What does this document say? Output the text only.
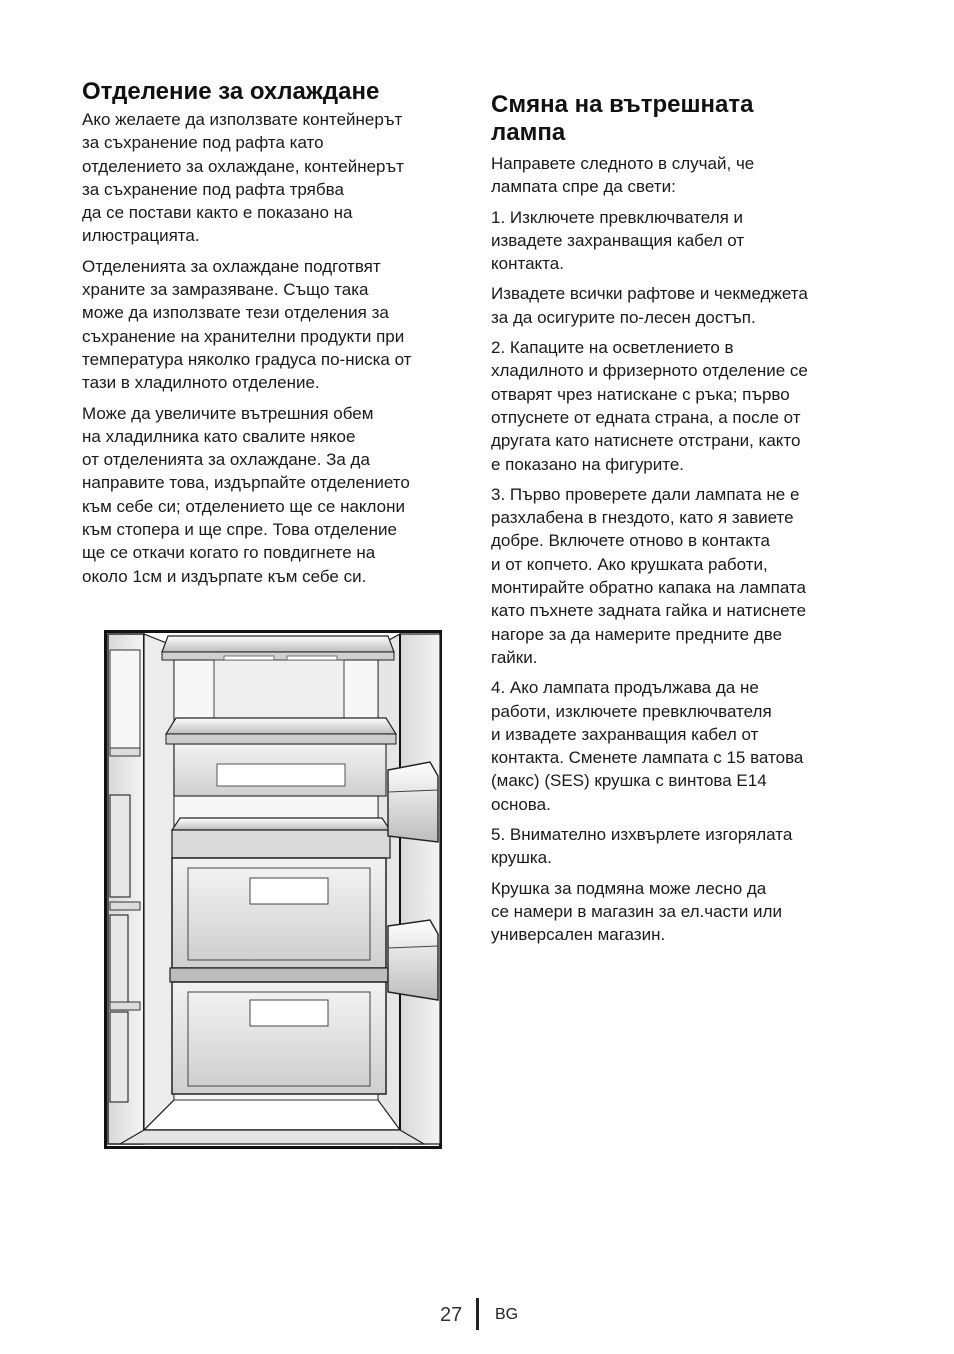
Отделение за охлаждане

Ако желаете да използвате контейнерът
за съхранение под рафта като
отделението за охлаждане, контейнерът
за съхранение под рафта трябва
да се постави както е показано на
илюстрацията.

Отделенията за охлаждане подготвят
храните за замразяване. Също така
може да използвате тези отделения за
съхранение на хранителни продукти при
температура няколко градуса по-ниска от
тази в хладилното отделение.

Може да увеличите вътрешния обем
на хладилника като свалите някое
от отделенията за охлаждане. За да
направите това, издърпайте отделението
към себе си; отделението ще се наклони
към стопера и ще спре. Това отделение
ще се откачи когато го повдигнете на
около 1см и издърпате към себе си.

Смяна на вътрешната
лампа

Направете следното в случай, че
лампата спре да свети:

1. Изключете превключвателя и
извадете захранващия кабел от
контакта.

Извадете всички рафтове и чекмеджета
за да осигурите по-лесен достъп.

2. Капаците на осветлението в
хладилното и фризерното отделение се
отварят чрез натискане с ръка; първо
отпуснете от едната страна, а после от
другата като натиснете отстрани, както
е показано на фигурите.

3. Първо проверете дали лампата не е
разхлабена в гнездото, като я завиете
добре. Включете отново в контакта
и от копчето. Ако крушката работи,
монтирайте обратно капака на лампата
като пъхнете задната гайка и натиснете
нагоре за да намерите предните две
гайки.

4. Ако лампата продължава да не
работи, изключете превключвателя
и извадете захранващия кабел от
контакта. Сменете лампата с 15 ватова
(макс) (SES) крушка с винтова Е14
основа.

5. Внимателно изхвърлете изгорялата
крушка.

Крушка за подмяна може лесно да
се намери в магазин за ел.части или
универсален магазин.

27 BG
